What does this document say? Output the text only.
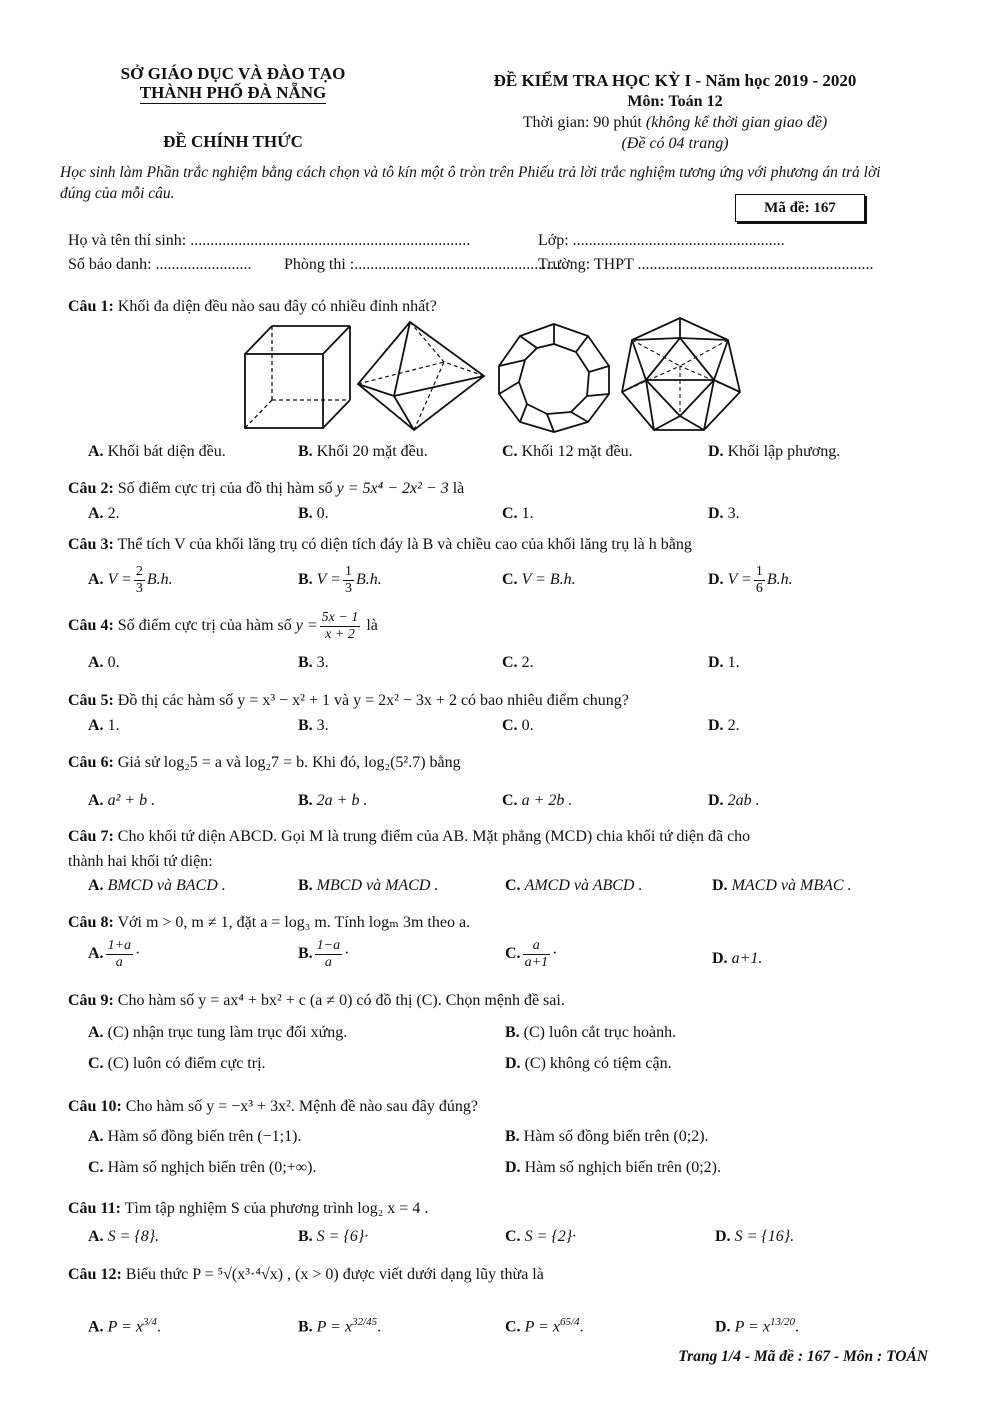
SỞ GIÁO DỤC VÀ ĐÀO TẠO
THÀNH PHỐ ĐÀ NẴNG
ĐỀ CHÍNH THỨC
ĐỀ KIỂM TRA HỌC KỲ I - Năm học 2019 - 2020
Môn: Toán 12
Thời gian: 90 phút (không kể thời gian giao đề)
(Đề có 04 trang)
Học sinh làm Phần trắc nghiệm bằng cách chọn và tô kín một ô tròn trên Phiếu trả lời trắc nghiệm tương ứng với phương án trả lời đúng của mỗi câu.
Mã đề: 167
Họ và tên thí sinh: ......................................................................	Lớp: .....................................................
Số báo danh: ........................ Phòng thi :.....................................................
Trường: THPT ...........................................................
Câu 1: Khối đa diện đều nào sau đây có nhiều đỉnh nhất?
A. Khối bát diện đều.	B. Khối 20 mặt đều.	C. Khối 12 mặt đều.	D. Khối lập phương.
Câu 2: Số điểm cực trị của đồ thị hàm số y = 5x⁴ − 2x² − 3 là
A. 2.	B. 0.	C. 1.	D. 3.
Câu 3: Thể tích V của khối lăng trụ có diện tích đáy là B và chiều cao của khối lăng trụ là h bằng
A. $V = \frac{2}{3} B.h$.	B. $V = \frac{1}{3} B.h$.	C. V = B.h.	D. $V = \frac{1}{6} B.h$.
Câu 4: Số điểm cực trị của hàm số $y = \frac{5x - 1}{x + 2}$ là
A. 0.	B. 3.	C. 2.	D. 1.
Câu 5: Đồ thị các hàm số y = x³ − x² + 1 và y = 2x² − 3x + 2 có bao nhiêu điểm chung?
A. 1.	B. 3.	C. 0.	D. 2.
Câu 6: Giả sử log₂5 = a và log₂7 = b. Khi đó, log₂(5².7) bằng
A. a² + b .	B. 2a + b .	C. a + 2b .	D. 2ab .
Câu 7: Cho khối tứ diện ABCD. Gọi M là trung điểm của AB. Mặt phẳng (MCD) chia khối tứ diện đã cho
thành hai khối tứ diện:
A. BMCD và BACD .	B. MBCD và MACD .	C. AMCD và ABCD .	D. MACD và MBAC .
Câu 8: Với m > 0, m ≠ 1, đặt a = log₃ m. Tính logₘ 3m theo a.
A. $\frac{1+a}{a}$ ·	B. $\frac{1-a}{a}$ ·	C. $\frac{a}{a+1}$ ·	D. a+1.
Câu 9: Cho hàm số y = ax⁴ + bx² + c (a ≠ 0) có đồ thị (C). Chọn mệnh đề sai.
A. (C) nhận trục tung làm trục đối xứng.	B. (C) luôn cắt trục hoành.
C. (C) luôn có điểm cực trị.	D. (C) không có tiệm cận.
Câu 10: Cho hàm số y = −x³ + 3x². Mệnh đề nào sau đây đúng?
A. Hàm số đồng biến trên (−1;1).	B. Hàm số đồng biến trên (0;2).
C. Hàm số nghịch biến trên (0;+∞).	D. Hàm số nghịch biến trên (0;2).
Câu 11: Tìm tập nghiệm S của phương trình log₂ x = 4 .
A. S = {8}.	B. S = {6}·	C. S = {2}·	D. S = {16}.
Câu 12: Biểu thức P = ⁵√(x³·⁴√x) , (x > 0) được viết dưới dạng lũy thừa là
A. $P = x^{3/4}$.	B. $P = x^{32/45}$.	C. $P = x^{65/4}$.	D. $P = x^{13/20}$.
Trang 1/4 - Mã đề : 167 - Môn : TOÁN
